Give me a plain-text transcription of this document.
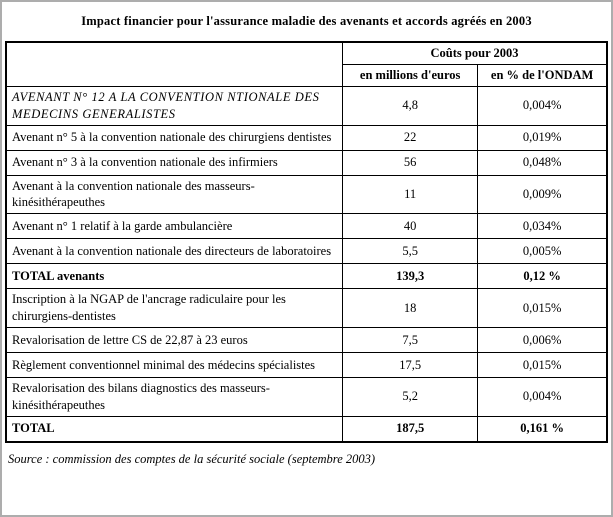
Impact financier pour l'assurance maladie des avenants et accords agréés en 2003
	Coûts pour 2003	
	en millions d'euros	en % de l'ONDAM
AVENANT N° 12 A LA CONVENTION NTIONALE DES MEDECINS GENERALISTES	4,8	0,004%
Avenant n° 5 à la convention nationale des chirurgiens dentistes	22	0,019%
Avenant n° 3 à la convention nationale des infirmiers	56	0,048%
Avenant à la convention nationale des masseurs-kinésithérapeuthes	11	0,009%
Avenant n° 1 relatif à la garde ambulancière	40	0,034%
Avenant à la convention nationale des directeurs de laboratoires	5,5	0,005%
TOTAL avenants	139,3	0,12 %
Inscription à la NGAP de l'ancrage radiculaire pour les chirurgiens-dentistes	18	0,015%
Revalorisation de lettre CS de 22,87 à 23 euros	7,5	0,006%
Règlement conventionnel minimal des médecins spécialistes	17,5	0,015%
Revalorisation des bilans diagnostics des masseurs-kinésithérapeuthes	5,2	0,004%
TOTAL	187,5	0,161 %
Source : commission des comptes de la sécurité sociale (septembre 2003)
